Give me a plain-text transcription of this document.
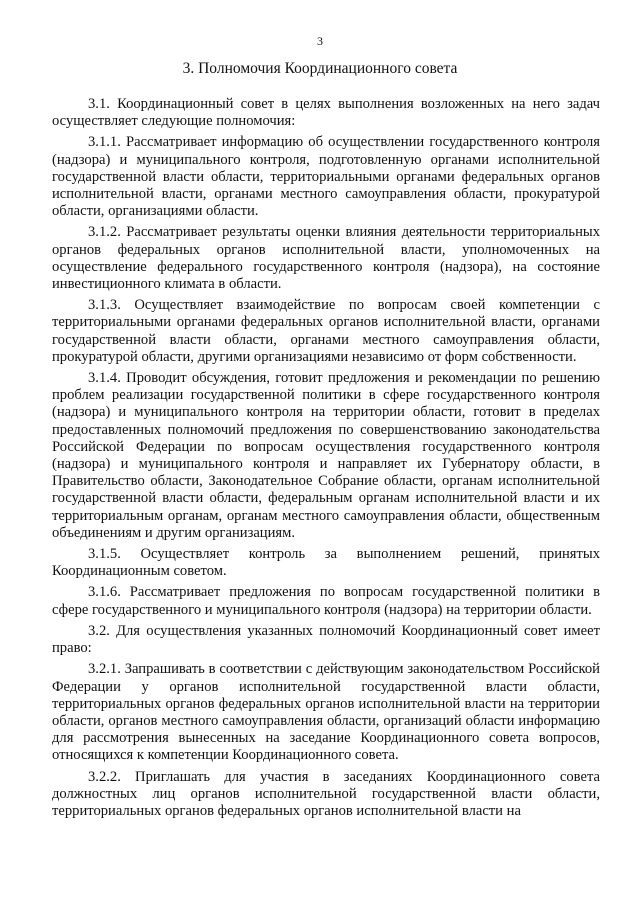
3
3. Полномочия Координационного совета

3.1. Координационный совет в целях выполнения возложенных на него задач осуществляет следующие полномочия:

3.1.1. Рассматривает информацию об осуществлении государственного контроля (надзора) и муниципального контроля, подготовленную органами исполнительной государственной власти области, территориальными органами федеральных органов исполнительной власти, органами местного самоуправления области, прокуратурой области, организациями области.

3.1.2. Рассматривает результаты оценки влияния деятельности территориальных органов федеральных органов исполнительной власти, уполномоченных на осуществление федерального государственного контроля (надзора), на состояние инвестиционного климата в области.

3.1.3. Осуществляет взаимодействие по вопросам своей компетенции с территориальными органами федеральных органов исполнительной власти, органами государственной власти области, органами местного самоуправления области, прокуратурой области, другими организациями независимо от форм собственности.

3.1.4. Проводит обсуждения, готовит предложения и рекомендации по решению проблем реализации государственной политики в сфере государственного контроля (надзора) и муниципального контроля на территории области, готовит в пределах предоставленных полномочий предложения по совершенствованию законодательства Российской Федерации по вопросам осуществления государственного контроля (надзора) и муниципального контроля и направляет их Губернатору области, в Правительство области, Законодательное Собрание области, органам исполнительной государственной власти области, федеральным органам исполнительной власти и их территориальным органам, органам местного самоуправления области, общественным объединениям и другим организациям.

3.1.5. Осуществляет контроль за выполнением решений, принятых Координационным советом.

3.1.6. Рассматривает предложения по вопросам государственной политики в сфере государственного и муниципального контроля (надзора) на территории области.

3.2. Для осуществления указанных полномочий Координационный совет имеет право:

3.2.1. Запрашивать в соответствии с действующим законодательством Российской Федерации у органов исполнительной государственной власти области, территориальных органов федеральных органов исполнительной власти на территории области, органов местного самоуправления области, организаций области информацию для рассмотрения вынесенных на заседание Координационного совета вопросов, относящихся к компетенции Координационного совета.

3.2.2. Приглашать для участия в заседаниях Координационного совета должностных лиц органов исполнительной государственной власти области, территориальных органов федеральных органов исполнительной власти на
